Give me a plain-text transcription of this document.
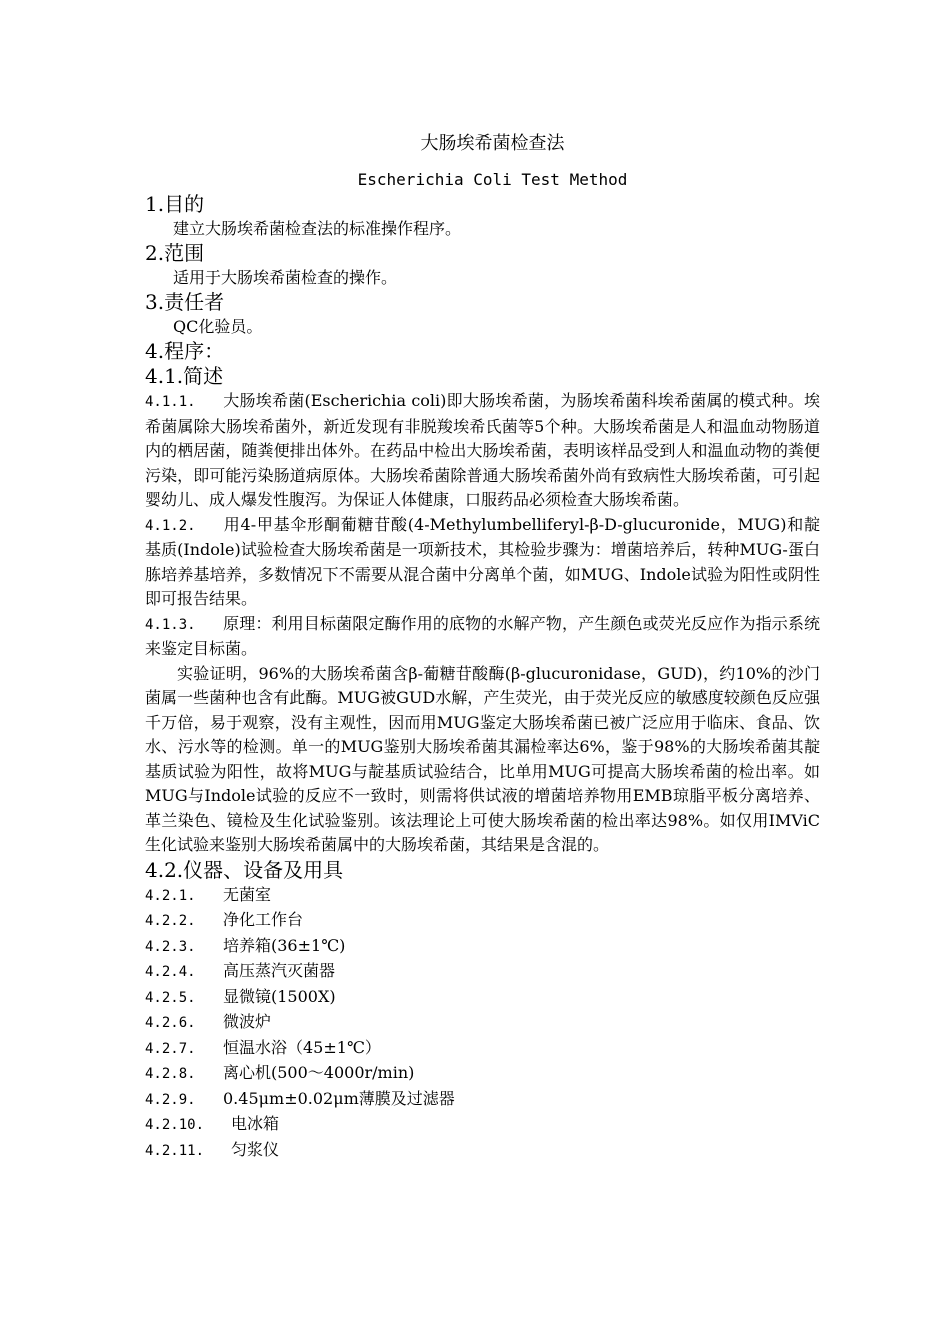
大肠埃希菌检查法
Escherichia Coli Test Method
1.目的
建立大肠埃希菌检查法的标准操作程序。
2.范围
适用于大肠埃希菌检查的操作。
3.责任者
QC化验员。
4.程序：
4.1.简述

4.1.1. 大肠埃希菌(Escherichia coli)即大肠埃希菌，为肠埃希菌科埃希菌属的模式种。埃希菌属除大肠埃希菌外，新近发现有非脱羧埃希氏菌等5个种。大肠埃希菌是人和温血动物肠道内的栖居菌，随粪便排出体外。在药品中检出大肠埃希菌，表明该样品受到人和温血动物的粪便污染，即可能污染肠道病原体。大肠埃希菌除普通大肠埃希菌外尚有致病性大肠埃希菌，可引起婴幼儿、成人爆发性腹泻。为保证人体健康，口服药品必须检查大肠埃希菌。

4.1.2. 用4-甲基伞形酮葡糖苷酸(4-Methylumbelliferyl-β-D-glucuronide，MUG)和靛基质(Indole)试验检查大肠埃希菌是一项新技术，其检验步骤为：增菌培养后，转种MUG-蛋白胨培养基培养，多数情况下不需要从混合菌中分离单个菌，如MUG、Indole试验为阳性或阴性即可报告结果。

4.1.3. 原理：利用目标菌限定酶作用的底物的水解产物，产生颜色或荧光反应作为指示系统来鉴定目标菌。

实验证明，96%的大肠埃希菌含β-葡糖苷酸酶(β-glucuronidase，GUD)，约10%的沙门菌属一些菌种也含有此酶。MUG被GUD水解，产生荧光，由于荧光反应的敏感度较颜色反应强千万倍，易于观察，没有主观性，因而用MUG鉴定大肠埃希菌已被广泛应用于临床、食品、饮水、污水等的检测。单一的MUG鉴别大肠埃希菌其漏检率达6%，鉴于98%的大肠埃希菌其靛基质试验为阳性，故将MUG与靛基质试验结合，比单用MUG可提高大肠埃希菌的检出率。如MUG与Indole试验的反应不一致时，则需将供试液的增菌培养物用EMB琼脂平板分离培养、革兰染色、镜检及生化试验鉴别。该法理论上可使大肠埃希菌的检出率达98%。如仅用IMViC生化试验来鉴别大肠埃希菌属中的大肠埃希菌，其结果是含混的。

4.2.仪器、设备及用具
4.2.1. 无菌室
4.2.2. 净化工作台
4.2.3. 培养箱(36±1℃)
4.2.4. 高压蒸汽灭菌器
4.2.5. 显微镜(1500X)
4.2.6. 微波炉
4.2.7. 恒温水浴（45±1℃）
4.2.8. 离心机(500～4000r/min)
4.2.9. 0.45μm±0.02μm薄膜及过滤器
4.2.10. 电冰箱
4.2.11. 匀浆仪
